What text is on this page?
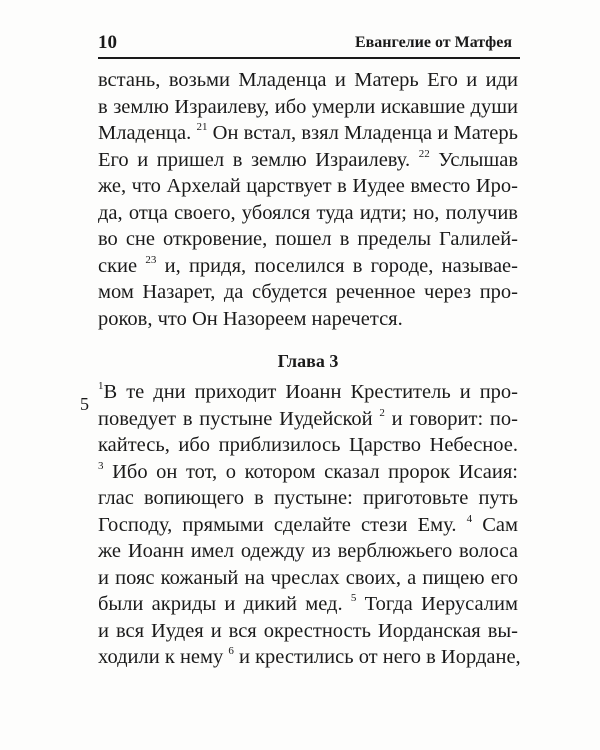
10	Евангелие от Матфея
встань, возьми Младенца и Матерь Его и иди
в землю Израилеву, ибо умерли искавшие души
Младенца. $^{21}$ Он встал, взял Младенца и Матерь
Его и пришел в землю Израилеву. $^{22}$ Услышав
же, что Архелай царствует в Иудее вместо Иро-
да, отца своего, убоялся туда идти; но, получив
во сне откровение, пошел в пределы Галилей-
ские $^{23}$ и, придя, поселился в городе, называе-
мом Назарет, да сбудется реченное через про-
роков, что Он Назореем наречется.
Глава 3
5
$^1$В те дни приходит Иоанн Креститель и про-
поведует в пустыне Иудейской $^2$ и говорит: по-
кайтесь, ибо приблизилось Царство Небесное.
$^3$ Ибо он тот, о котором сказал пророк Исаия:
глас вопиющего в пустыне: приготовьте путь
Господу, прямыми сделайте стези Ему. $^4$ Сам
же Иоанн имел одежду из верблюжьего волоса
и пояс кожаный на чреслах своих, а пищею его
были акриды и дикий мед. $^5$ Тогда Иерусалим
и вся Иудея и вся окрестность Иорданская вы-
ходили к нему $^6$ и крестились от него в Иордане,
